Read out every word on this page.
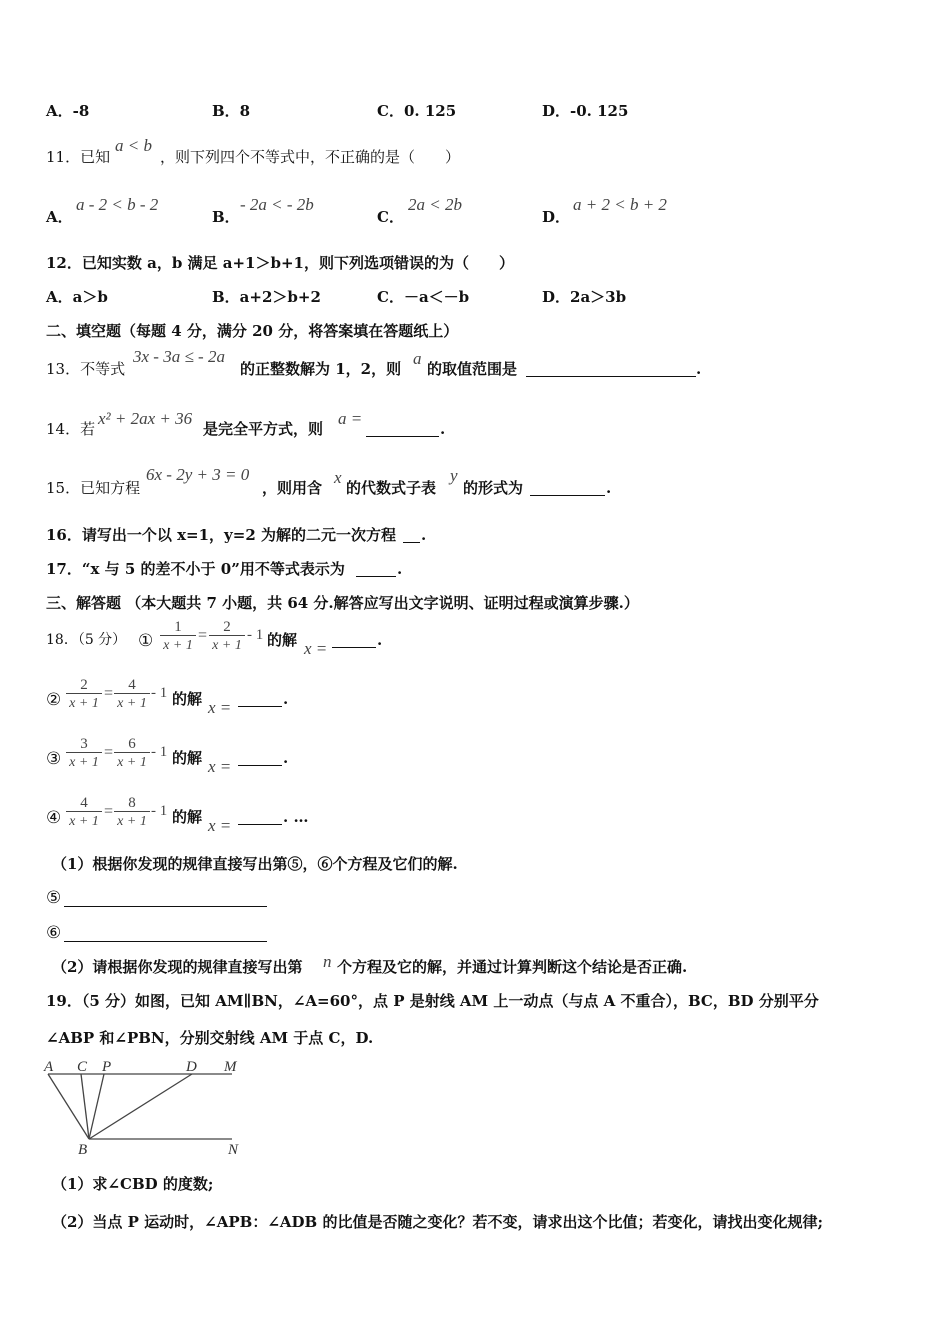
A．-8	B．8	C．0. 125	D．-0. 125
11．已知
a < b
，则下列四个不等式中，不正确的是（　　）
A．
a - 2 < b - 2
B．
- 2a < - 2b
C．
2a < 2b
D．
a + 2 < b + 2
12．已知实数 a，b 满足 a+1＞b+1，则下列选项错误的为（　　）
A．a＞b	B．a+2＞b+2	C．－a＜－b	D．2a＞3b
二、填空题（每题 4 分，满分 20 分，将答案填在答题纸上）
13．不等式
3x - 3a ≤ - 2a
的正整数解为 1，2，则
a
的取值范围是	.
14．若
x² + 2ax + 36
是完全平方式，则
a =
.
15．已知方程
6x - 2y + 3 = 0
，则用含
x
的代数式子表
y
的形式为	.
16．请写出一个以 x=1，y=2 为解的二元一次方程 .
17．“x 与 5 的差不小于 0”用不等式表示为	.
三、解答题 （本大题共 7 小题，共 64 分.解答应写出文字说明、证明过程或演算步骤.）
18．（5 分） ① $\frac{1}{x + 1} = \frac{2}{x + 1} - 1$ 的解 x =	.
② $\frac{2}{x + 1} = \frac{4}{x + 1} - 1$ 的解 x =	.
③ $\frac{3}{x + 1} = \frac{6}{x + 1} - 1$ 的解 x =	.
④ $\frac{4}{x + 1} = \frac{8}{x + 1} - 1$ 的解 x =	. …
（1）根据你发现的规律直接写出第⑤，⑥个方程及它们的解.
⑤
⑥
（2）请根据你发现的规律直接写出第 n 个方程及它的解，并通过计算判断这个结论是否正确.
19．（5 分）如图，已知 AM∥BN，∠A=60°，点 P 是射线 AM 上一动点（与点 A 不重合），BC，BD 分别平分
∠ABP 和∠PBN，分别交射线 AM 于点 C，D.
A C P	D M
B	N
（1）求∠CBD 的度数;
（2）当点 P 运动时，∠APB：∠ADB 的比值是否随之变化？若不变，请求出这个比值；若变化，请找出变化规律;
